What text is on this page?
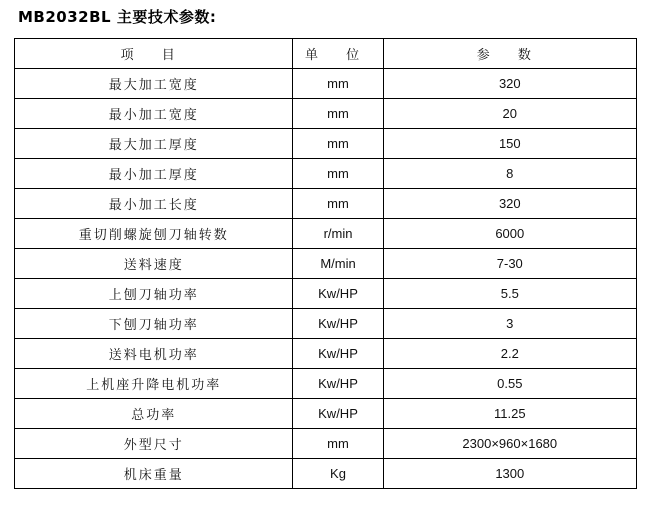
MB2032BL 主要技术参数:
项 目	单 位	参 数
最大加工宽度	mm	320
最小加工宽度	mm	20
最大加工厚度	mm	150
最小加工厚度	mm	8
最小加工长度	mm	320
重切削螺旋刨刀轴转数	r/min	6000
送料速度	M/min	7-30
上刨刀轴功率	Kw/HP	5.5
下刨刀轴功率	Kw/HP	3
送料电机功率	Kw/HP	2.2
上机座升降电机功率	Kw/HP	0.55
总功率	Kw/HP	11.25
外型尺寸	mm	2300×960×1680
机床重量	Kg	1300
